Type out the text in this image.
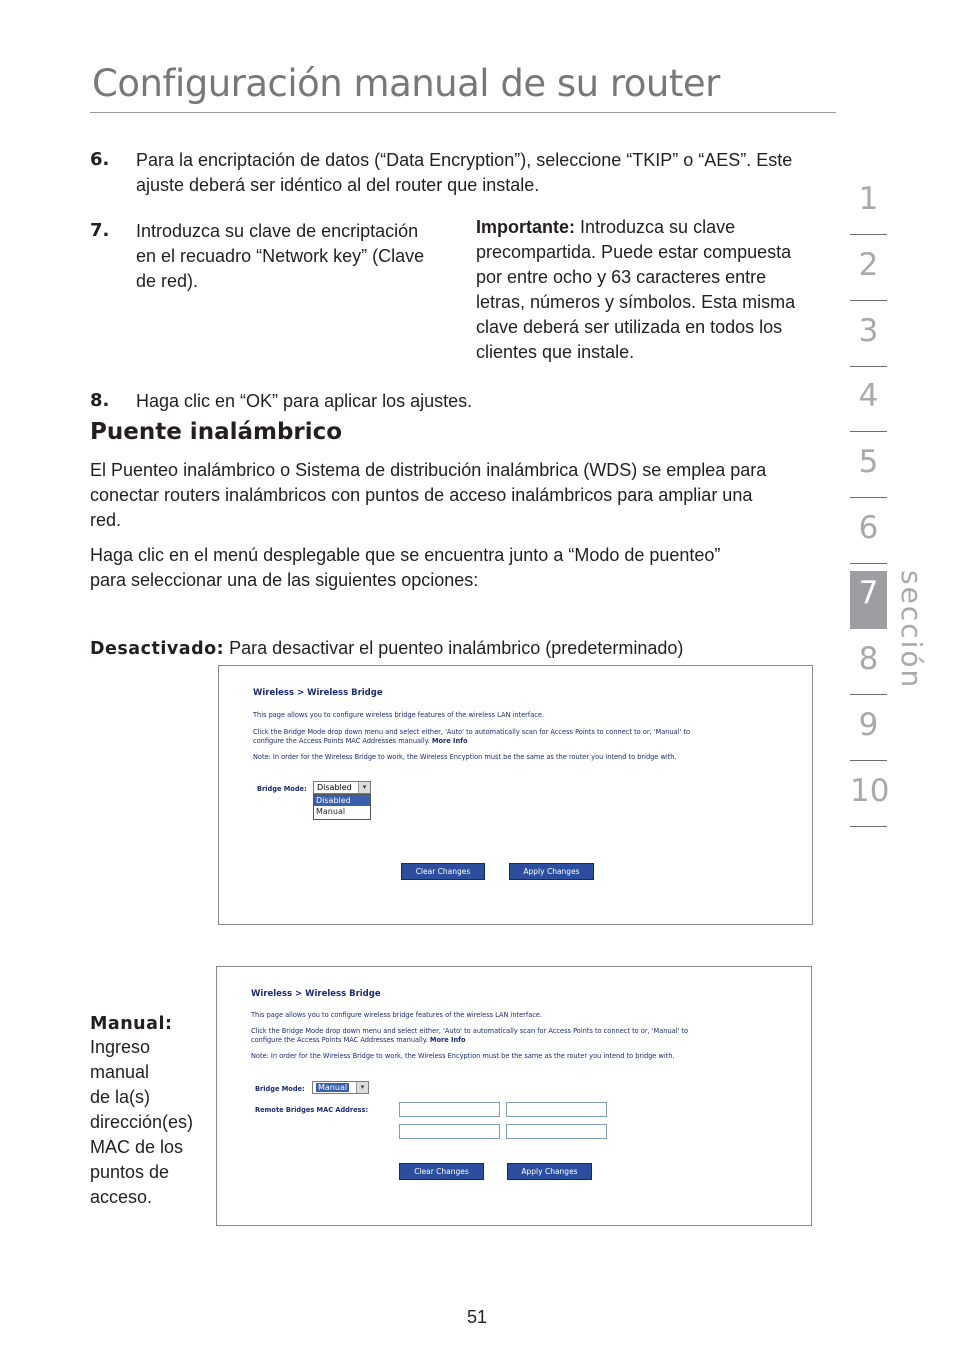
Configuración manual de su router
6. Para la encriptación de datos (“Data Encryption”), seleccione “TKIP” o “AES”. Este
ajuste deberá ser idéntico al del router que instale.
7. Introduzca su clave de encriptación
en el recuadro “Network key” (Clave
de red).
Importante: Introduzca su clave
precompartida. Puede estar compuesta
por entre ocho y 63 caracteres entre
letras, números y símbolos. Esta misma
clave deberá ser utilizada en todos los
clientes que instale.
8. Haga clic en “OK” para aplicar los ajustes.
Puente inalámbrico
El Puenteo inalámbrico o Sistema de distribución inalámbrica (WDS) se emplea para
conectar routers inalámbricos con puntos de acceso inalámbricos para ampliar una
red.
Haga clic en el menú desplegable que se encuentra junto a “Modo de puenteo”
para seleccionar una de las siguientes opciones:
Desactivado: Para desactivar el puenteo inalámbrico (predeterminado)
Wireless > Wireless Bridge
This page allows you to configure wireless bridge features of the wireless LAN interface.
Click the Bridge Mode drop down menu and select either, 'Auto' to automatically scan for Access Points to connect to or, 'Manual' to
configure the Access Points MAC Addresses manually. More Info
Note: In order for the Wireless Bridge to work, the Wireless Encyption must be the same as the router you intend to bridge with.
Bridge Mode:	Disabled	▾
Disabled
Manual
Clear Changes	Apply Changes
Manual:
Ingreso
manual
de la(s)
dirección(es)
MAC de los
puntos de
acceso.
Wireless > Wireless Bridge
This page allows you to configure wireless bridge features of the wireless LAN interface.
Click the Bridge Mode drop down menu and select either, 'Auto' to automatically scan for Access Points to connect to or, 'Manual' to
configure the Access Points MAC Addresses manually. More Info
Note: In order for the Wireless Bridge to work, the Wireless Encyption must be the same as the router you intend to bridge with.
Bridge Mode:	Manual	▾
Remote Bridges MAC Address:
Clear Changes	Apply Changes
1
2
3
4
5
6
7
8
9
10
sección
51
